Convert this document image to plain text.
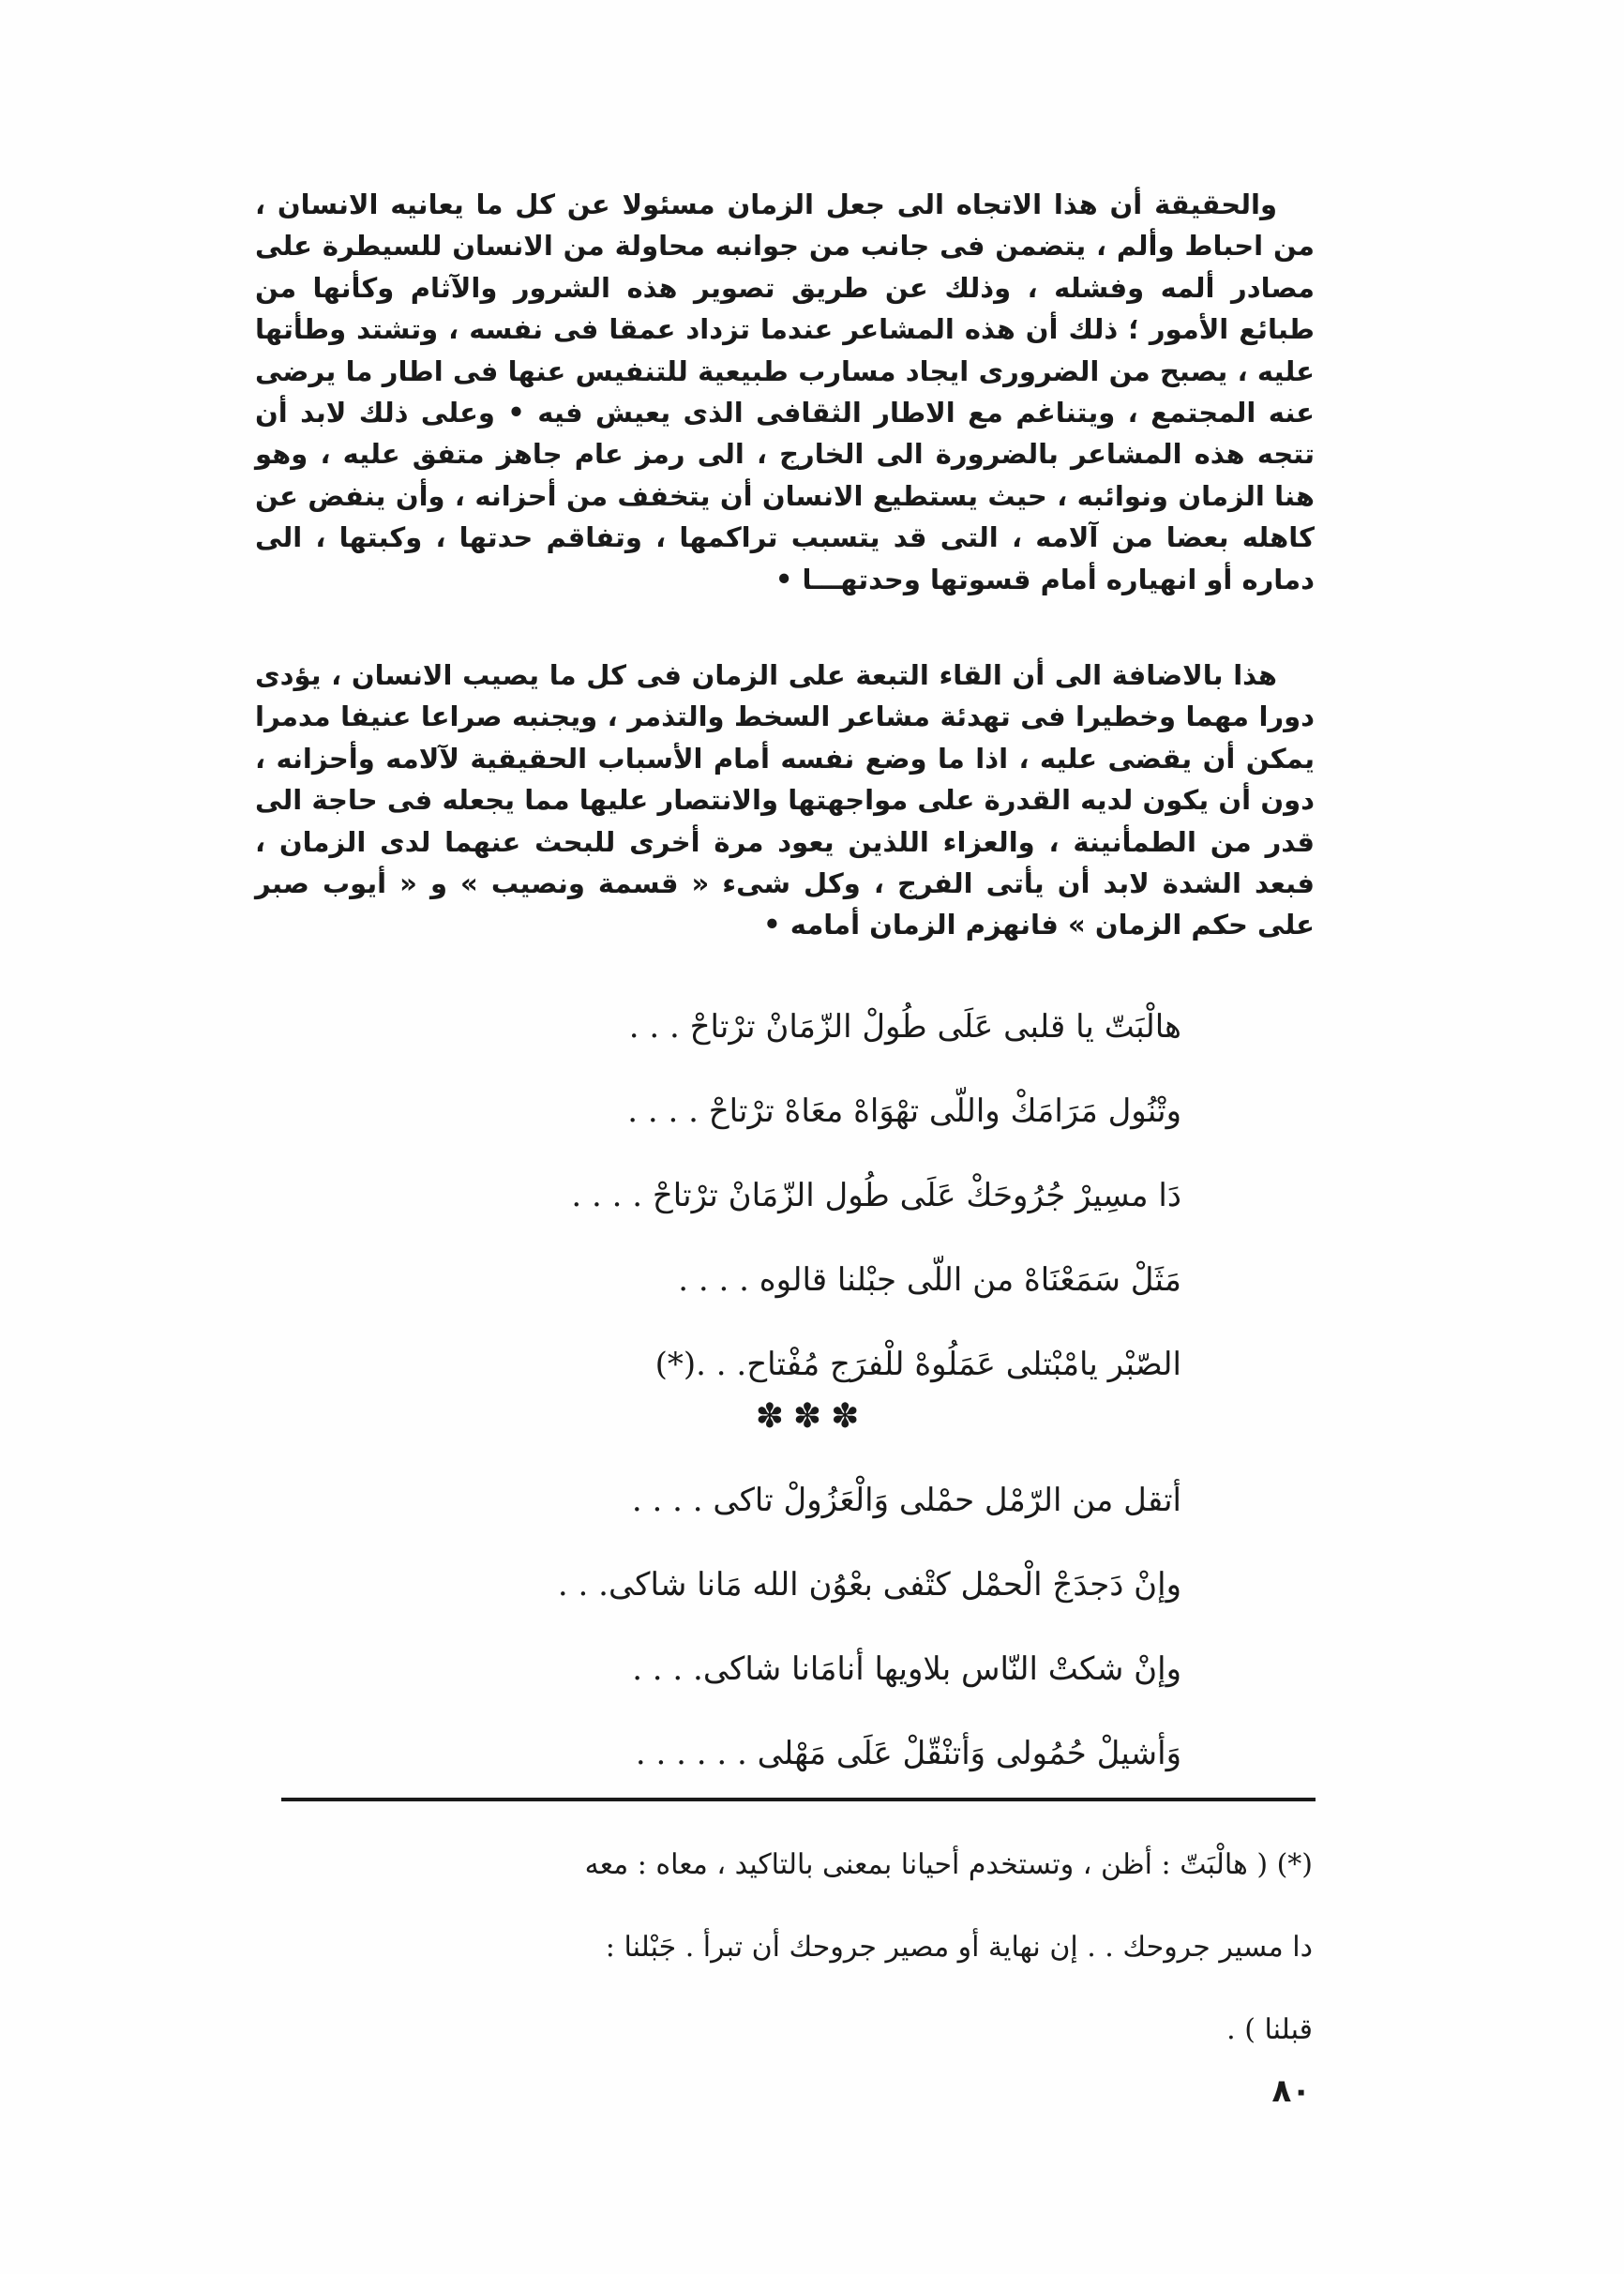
والحقيقة أن هذا الاتجاه الى جعل الزمان مسئولا عن كل ما يعانيه الانسان ، من احباط وألم ، يتضمن فى جانب من جوانبه محاولة من الانسان للسيطرة على مصادر ألمه وفشله ، وذلك عن طريق تصوير هذه الشرور والآثام وكأنها من طبائع الأمور ؛ ذلك أن هذه المشاعر عندما تزداد عمقا فى نفسه ، وتشتد وطأتها عليه ، يصبح من الضرورى ايجاد مسارب طبيعية للتنفيس عنها فى اطار ما يرضى عنه المجتمع ، ويتناغم مع الاطار الثقافى الذى يعيش فيه • وعلى ذلك لابد أن تتجه هذه المشاعر بالضرورة الى الخارج ، الى رمز عام جاهز متفق عليه ، وهو هنا الزمان ونوائبه ، حيث يستطيع الانسان أن يتخفف من أحزانه ، وأن ينفض عن كاهله بعضا من آلامه ، التى قد يتسبب تراكمها ، وتفاقم حدتها ، وكبتها ، الى دماره أو انهياره أمام قسوتها وحدتهـــا •

هذا بالاضافة الى أن القاء التبعة على الزمان فى كل ما يصيب الانسان ، يؤدى دورا مهما وخطيرا فى تهدئة مشاعر السخط والتذمر ، ويجنبه صراعا عنيفا مدمرا يمكن أن يقضى عليه ، اذا ما وضع نفسه أمام الأسباب الحقيقية لآلامه وأحزانه ، دون أن يكون لديه القدرة على مواجهتها والانتصار عليها مما يجعله فى حاجة الى قدر من الطمأنينة ، والعزاء اللذين يعود مرة أخرى للبحث عنهما لدى الزمان ، فبعد الشدة لابد أن يأتى الفرج ، وكل شىء « قسمة ونصيب » و « أيوب صبر على حكم الزمان » فانهزم الزمان أمامه •

هالْبَتّ يا قلبى عَلَى طُولْ الزّمَانْ ترْتاحْ . . .
وتْنُول مَرَامَكْ واللّى تهْوَاهْ معَاهْ ترْتاحْ . . . .
دَا مسِيرْ جُرُوحَكْ عَلَى طُول الزّمَانْ ترْتاحْ . . . .
مَثَلْ سَمَعْنَاهْ من اللّى جبْلنا قالوه . . . .
الصّبْر يامْبْتلى عَمَلُوهْ للْفرَج مُفْتاح. . .(*)
✽✽✽
أتقل من الرّمْل حمْلى وَالْعَزُولْ تاكى . . . .
وإنْ دَجدَجْ الْحمْل كتْفى بعْوُن الله مَانا شاكى. . .
وإنْ شكتْ النّاس بلاويها أنامَانا شاكى. . . .
وَأشيلْ حُمُولى وَأتنْقّلْ عَلَى مَهْلى . . . . . .
(*) ( هالْبَتّ : أظن ، وتستخدم أحيانا بمعنى بالتاكيد ، معاه : معه
دا مسير جروحك . . إن نهاية أو مصير جروحك أن تبرأ . جَبْلنا :
قبلنا ) .
٨٠
